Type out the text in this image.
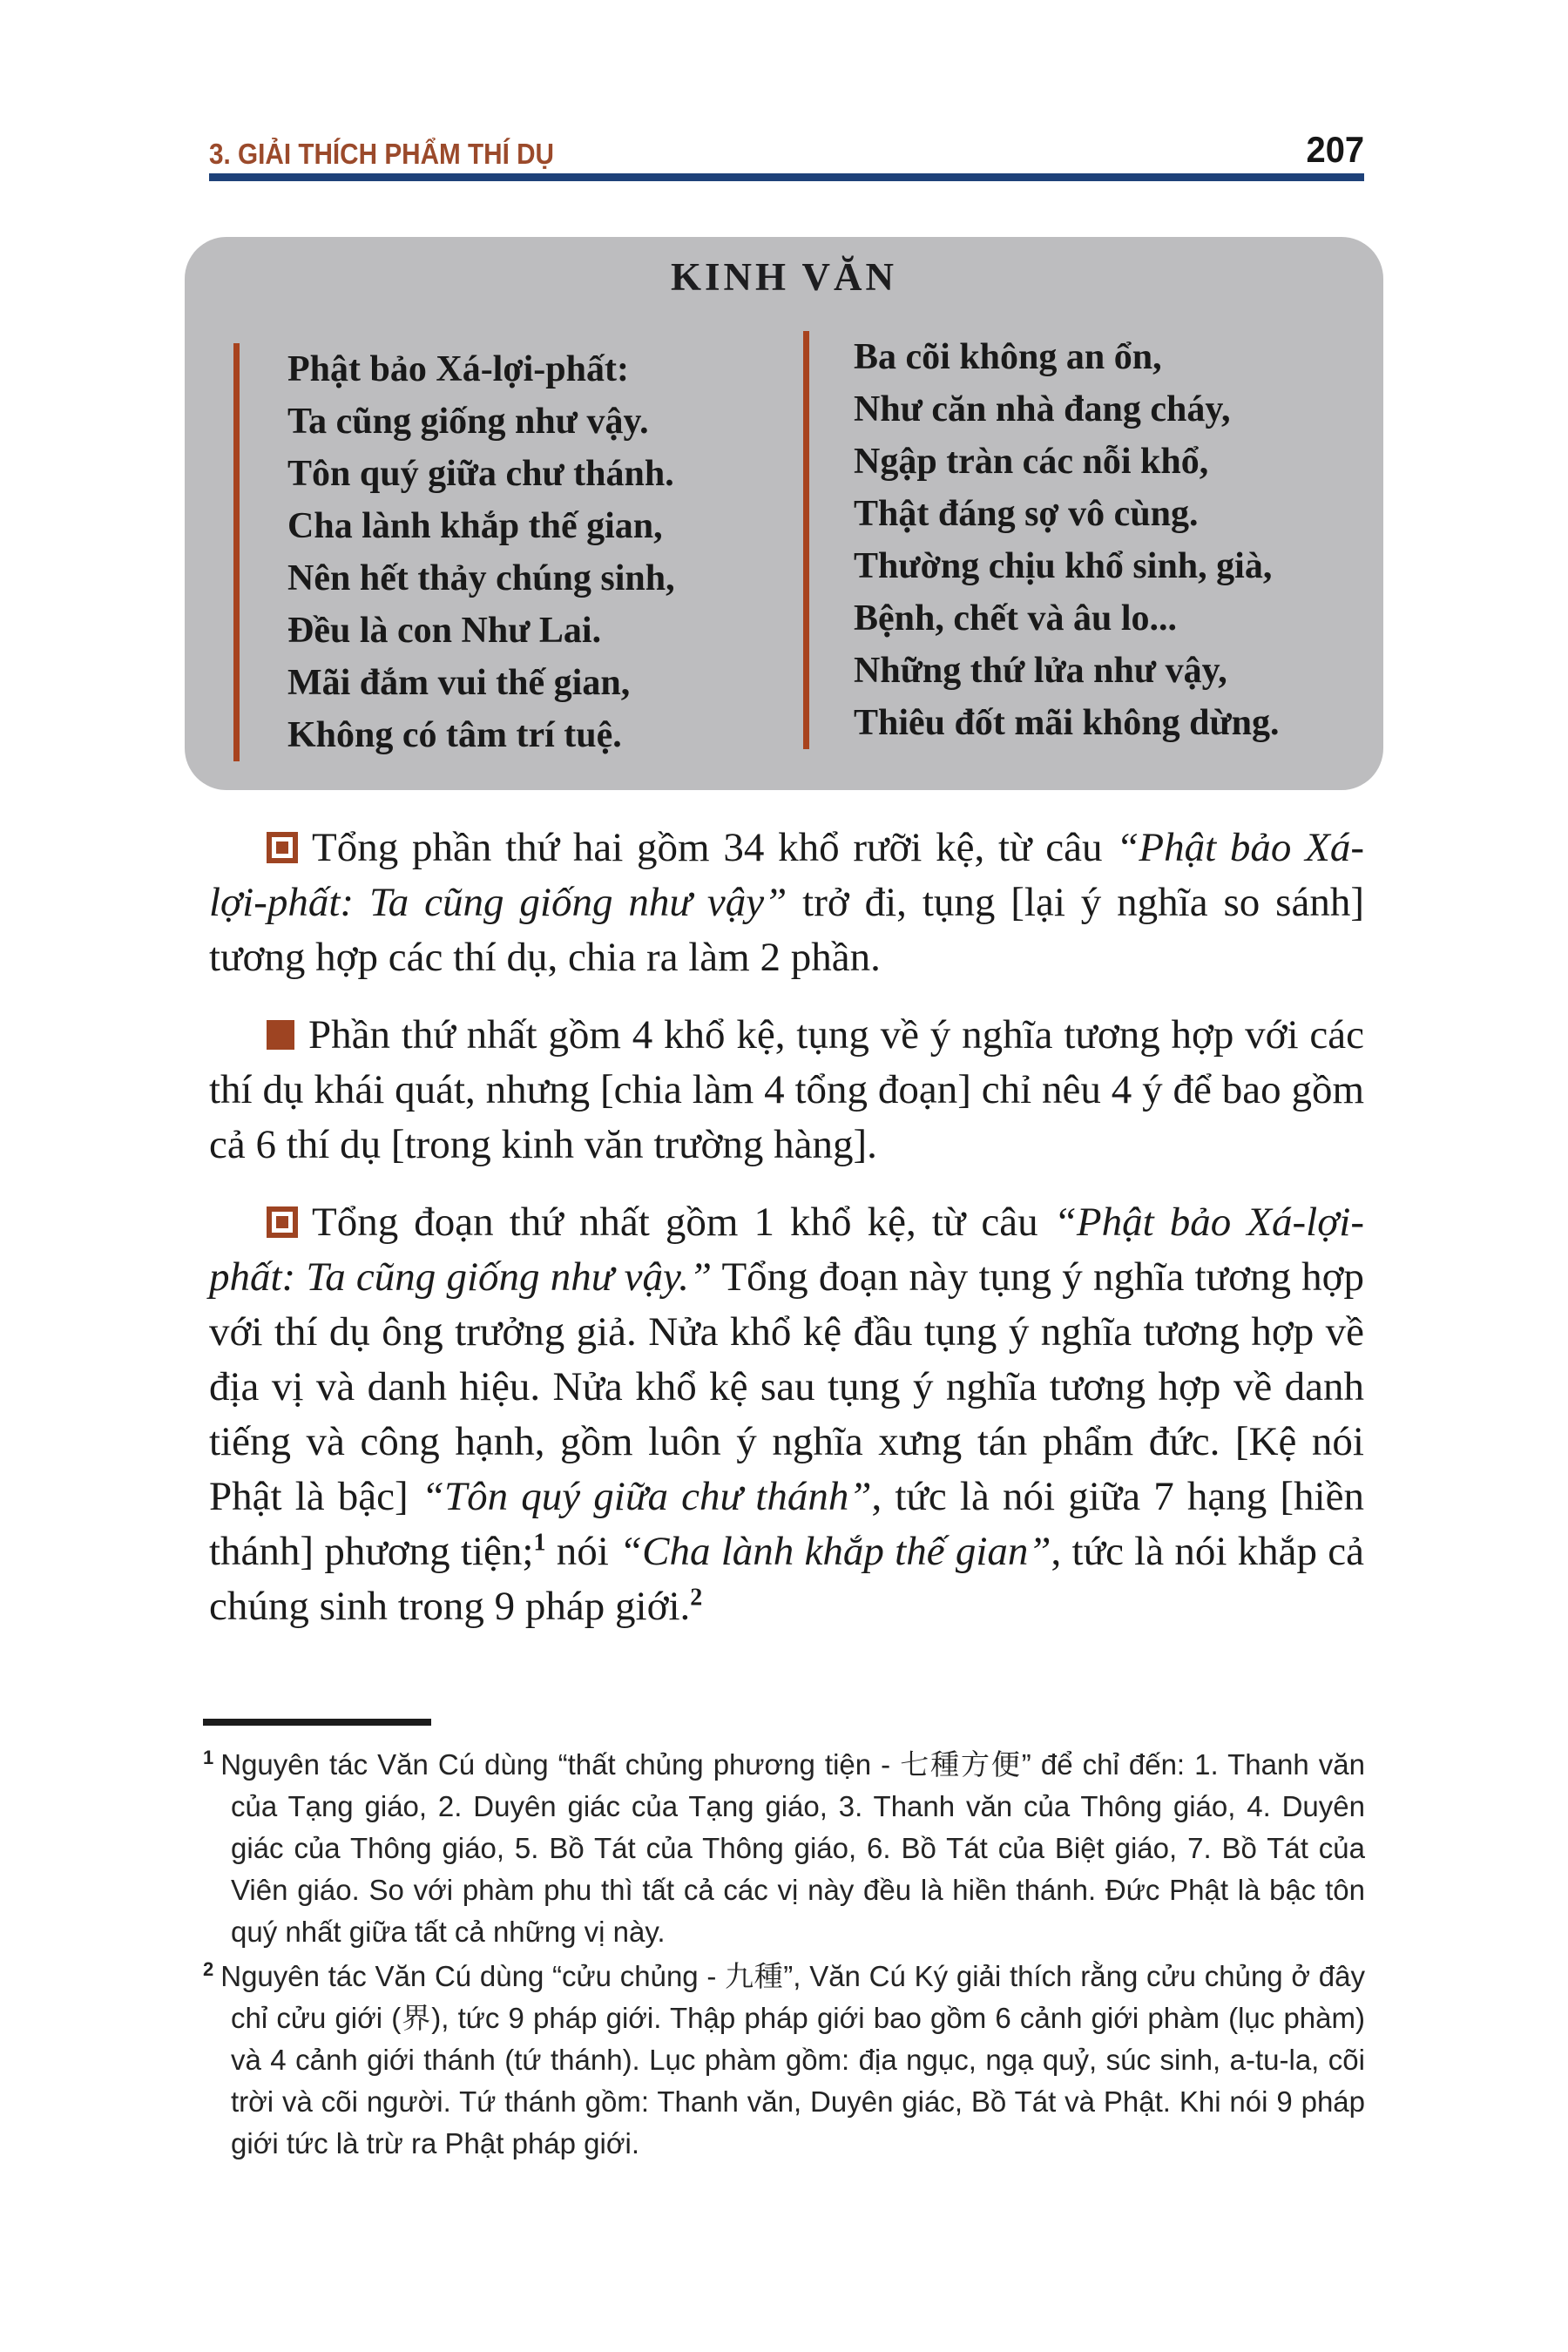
3. GIẢI THÍCH PHẨM THÍ DỤ	207
KINH VĂN
Phật bảo Xá-lợi-phất:
Ta cũng giống như vậy.
Tôn quý giữa chư thánh.
Cha lành khắp thế gian,
Nên hết thảy chúng sinh,
Đều là con Như Lai.
Mãi đắm vui thế gian,
Không có tâm trí tuệ.
Ba cõi không an ổn,
Như căn nhà đang cháy,
Ngập tràn các nỗi khổ,
Thật đáng sợ vô cùng.
Thường chịu khổ sinh, già,
Bệnh, chết và âu lo...
Những thứ lửa như vậy,
Thiêu đốt mãi không dừng.

Tổng phần thứ hai gồm 34 khổ rưỡi kệ, từ câu “Phật bảo Xá-lợi-phất: Ta cũng giống như vậy” trở đi, tụng [lại ý nghĩa so sánh] tương hợp các thí dụ, chia ra làm 2 phần.

Phần thứ nhất gồm 4 khổ kệ, tụng về ý nghĩa tương hợp với các thí dụ khái quát, nhưng [chia làm 4 tổng đoạn] chỉ nêu 4 ý để bao gồm cả 6 thí dụ [trong kinh văn trường hàng].

Tổng đoạn thứ nhất gồm 1 khổ kệ, từ câu “Phật bảo Xá-lợi-phất: Ta cũng giống như vậy.” Tổng đoạn này tụng ý nghĩa tương hợp với thí dụ ông trưởng giả. Nửa khổ kệ đầu tụng ý nghĩa tương hợp về địa vị và danh hiệu. Nửa khổ kệ sau tụng ý nghĩa tương hợp về danh tiếng và công hạnh, gồm luôn ý nghĩa xưng tán phẩm đức. [Kệ nói Phật là bậc] “Tôn quý giữa chư thánh”, tức là nói giữa 7 hạng [hiền thánh] phương tiện;$^1$ nói “Cha lành khắp thế gian”, tức là nói khắp cả chúng sinh trong 9 pháp giới.$^2$

$^1$ Nguyên tác Văn Cú dùng “thất chủng phương tiện - 七種方便” để chỉ đến: 1. Thanh văn của Tạng giáo, 2. Duyên giác của Tạng giáo, 3. Thanh văn của Thông giáo, 4. Duyên giác của Thông giáo, 5. Bồ Tát của Thông giáo, 6. Bồ Tát của Biệt giáo, 7. Bồ Tát của Viên giáo. So với phàm phu thì tất cả các vị này đều là hiền thánh. Đức Phật là bậc tôn quý nhất giữa tất cả những vị này.
$^2$ Nguyên tác Văn Cú dùng “cửu chủng - 九種”, Văn Cú Ký giải thích rằng cửu chủng ở đây chỉ cửu giới (界), tức 9 pháp giới. Thập pháp giới bao gồm 6 cảnh giới phàm (lục phàm) và 4 cảnh giới thánh (tứ thánh). Lục phàm gồm: địa ngục, ngạ quỷ, súc sinh, a-tu-la, cõi trời và cõi người. Tứ thánh gồm: Thanh văn, Duyên giác, Bồ Tát và Phật. Khi nói 9 pháp giới tức là trừ ra Phật pháp giới.
